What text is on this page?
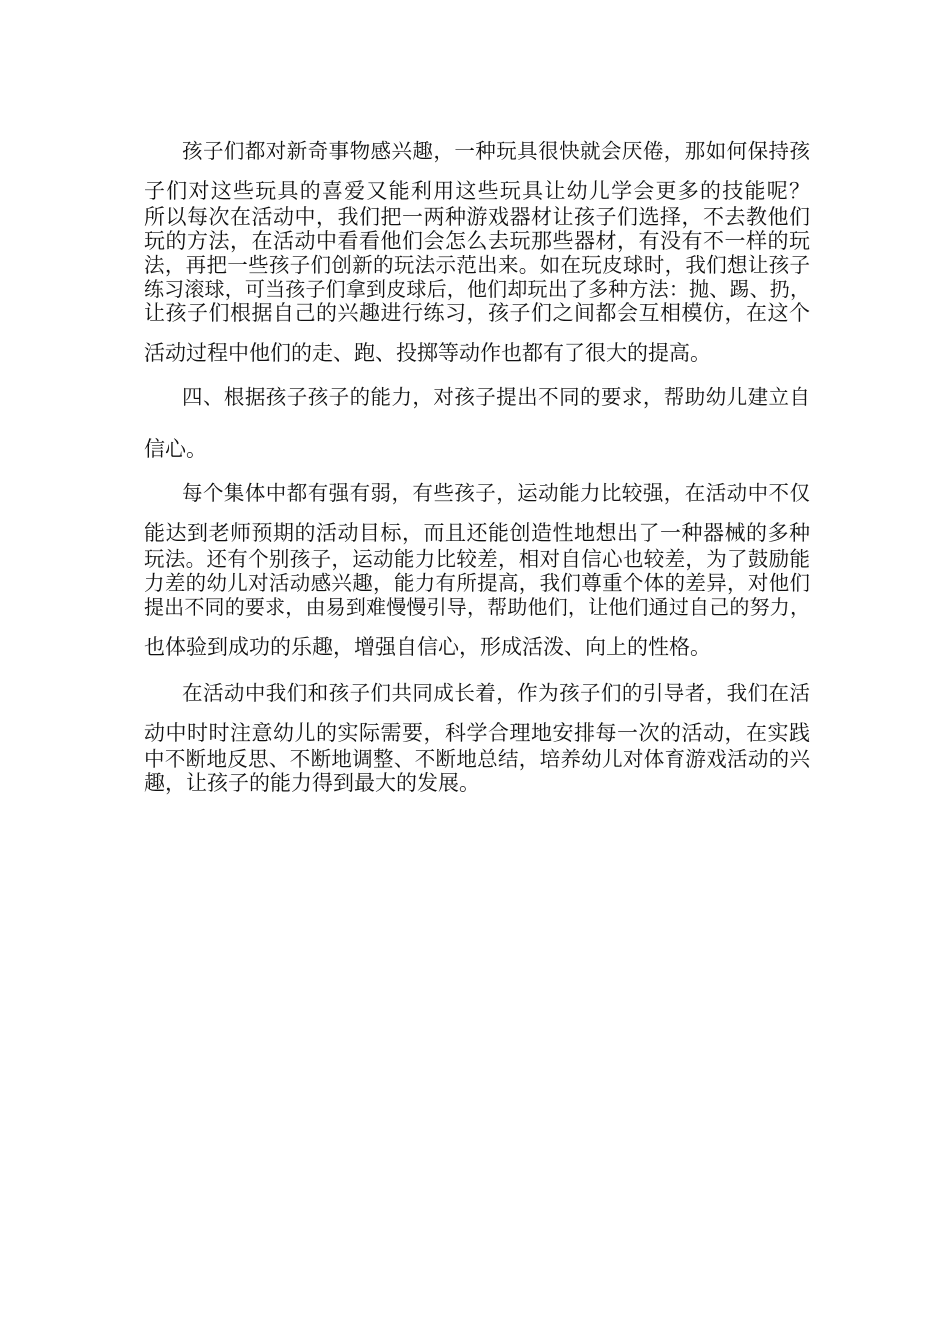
孩子们都对新奇事物感兴趣，一种玩具很快就会厌倦，那如何保持孩
子们对这些玩具的喜爱又能利用这些玩具让幼儿学会更多的技能呢？
所以每次在活动中，我们把一两种游戏器材让孩子们选择，不去教他们
玩的方法，在活动中看看他们会怎么去玩那些器材，有没有不一样的玩
法，再把一些孩子们创新的玩法示范出来。如在玩皮球时，我们想让孩子
练习滚球，可当孩子们拿到皮球后，他们却玩出了多种方法：抛、踢、扔，
让孩子们根据自己的兴趣进行练习，孩子们之间都会互相模仿，在这个
活动过程中他们的走、跑、投掷等动作也都有了很大的提高。
四、根据孩子孩子的能力，对孩子提出不同的要求，帮助幼儿建立自
信心。
每个集体中都有强有弱，有些孩子，运动能力比较强，在活动中不仅
能达到老师预期的活动目标，而且还能创造性地想出了一种器械的多种
玩法。还有个别孩子，运动能力比较差，相对自信心也较差，为了鼓励能
力差的幼儿对活动感兴趣，能力有所提高，我们尊重个体的差异，对他们
提出不同的要求，由易到难慢慢引导，帮助他们，让他们通过自己的努力，
也体验到成功的乐趣，增强自信心，形成活泼、向上的性格。
在活动中我们和孩子们共同成长着，作为孩子们的引导者，我们在活
动中时时注意幼儿的实际需要，科学合理地安排每一次的活动，在实践
中不断地反思、不断地调整、不断地总结，培养幼儿对体育游戏活动的兴
趣，让孩子的能力得到最大的发展。
